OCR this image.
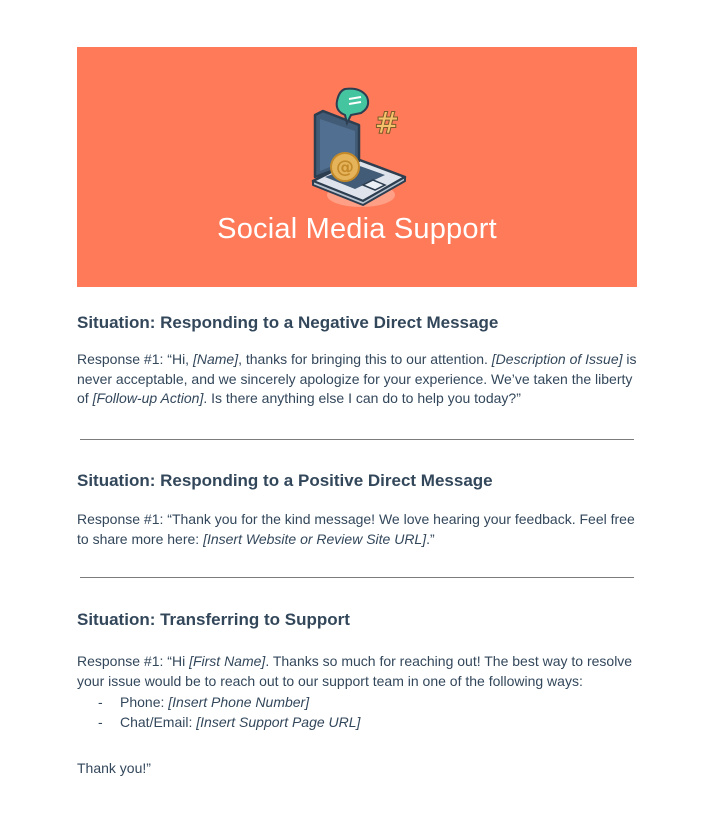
@
#
Social Media Support
Situation: Responding to a Negative Direct Message

Response #1: “Hi, [Name], thanks for bringing this to our attention. [Description of Issue] is never acceptable, and we sincerely apologize for your experience. We’ve taken the liberty of [Follow-up Action]. Is there anything else I can do to help you today?”

Situation: Responding to a Positive Direct Message

Response #1: “Thank you for the kind message! We love hearing your feedback. Feel free to share more here: [Insert Website or Review Site URL].”

Situation: Transferring to Support

Response #1: “Hi [First Name]. Thanks so much for reaching out! The best way to resolve your issue would be to reach out to our support team in one of the following ways:

- Phone: [Insert Phone Number]
- Chat/Email: [Insert Support Page URL]

Thank you!”
